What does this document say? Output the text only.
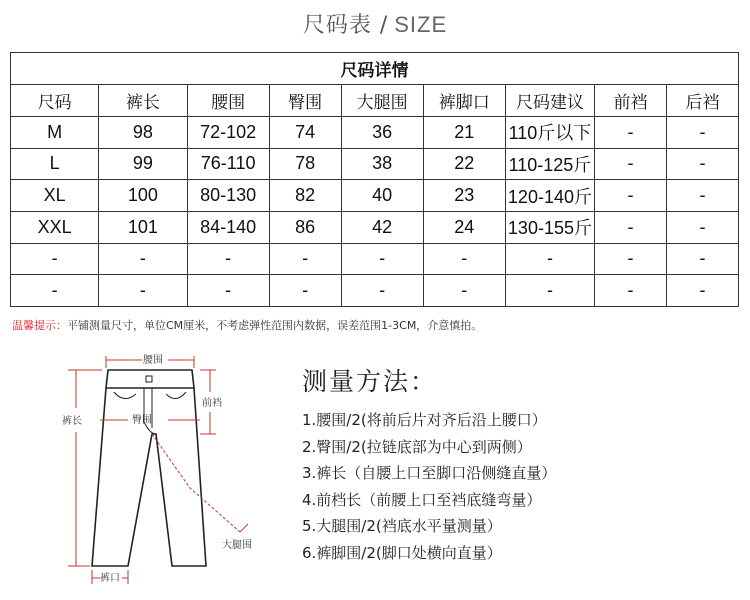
尺码表 / SIZE
尺码详情								
尺码	裤长	腰围	臀围	大腿围	裤脚口	尺码建议	前裆	后裆
M	98	72-102	74	36	21	110斤以下	-	-
L	99	76-110	78	38	22	110-125斤	-	-
XL	100	80-130	82	40	23	120-140斤	-	-
XXL	101	84-140	86	42	24	130-155斤	-	-
-	-	-	-	-	-	-	-	-
-	-	-	-	-	-	-	-	-
温馨提示：平铺测量尺寸，单位CM厘米，不考虑弹性范围内数据，误差范围1-3CM，介意慎拍。
腰围
前裆
臀围
裤长
大腿围
裤口
测量方法：
1.腰围/2(将前后片对齐后沿上腰口）
2.臀围/2(拉链底部为中心到两侧）
3.裤长（自腰上口至脚口沿侧缝直量）
4.前档长（前腰上口至裆底缝弯量）
5.大腿围/2(裆底水平量测量）
6.裤脚围/2(脚口处横向直量）
